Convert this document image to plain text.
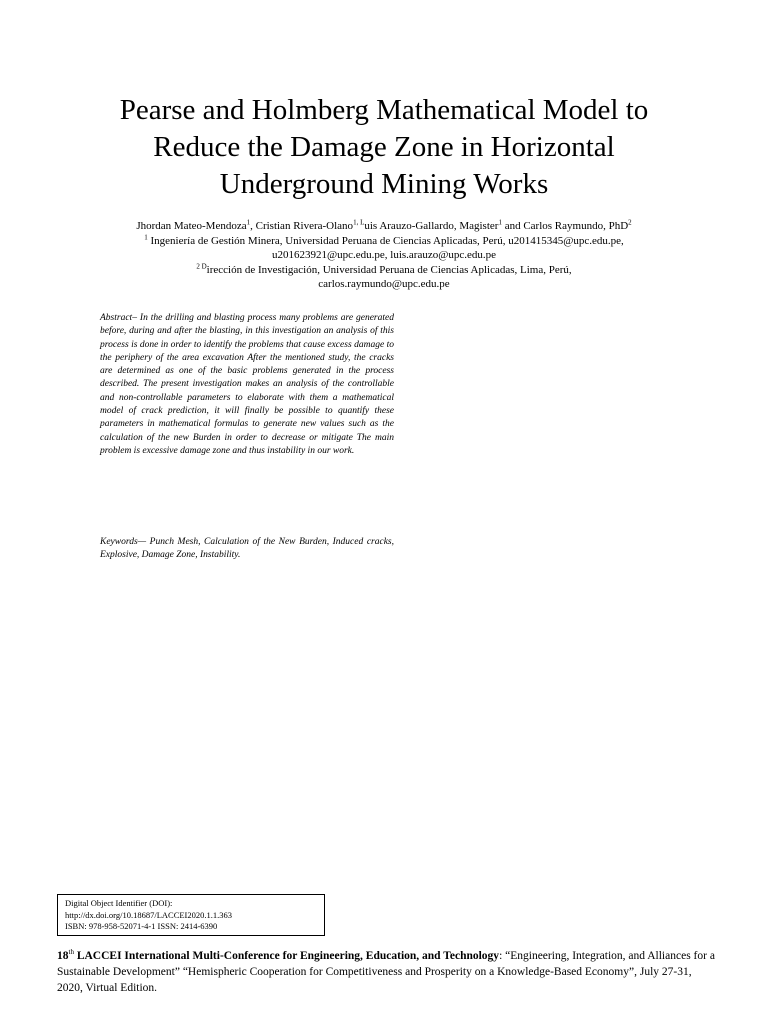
Pearse and Holmberg Mathematical Model to
Reduce the Damage Zone in Horizontal
Underground Mining Works
Jhordan Mateo-Mendoza$^1$, Cristian Rivera-Olano$^{1, L}$uis Arauzo-Gallardo, Magister$^1$ and Carlos Raymundo, PhD$^2$
$^1$ Ingeniería de Gestión Minera, Universidad Peruana de Ciencias Aplicadas, Perú, u201415345@upc.edu.pe,
u201623921@upc.edu.pe, luis.arauzo@upc.edu.pe
$^{2 D}$irección de Investigación, Universidad Peruana de Ciencias Aplicadas, Lima, Perú,
carlos.raymundo@upc.edu.pe

Abstract– In the drilling and blasting process many problems are generated before, during and after the blasting, in this investigation an analysis of this process is done in order to identify the problems that cause excess damage to the periphery of the area excavation After the mentioned study, the cracks are determined as one of the basic problems generated in the process described. The present investigation makes an analysis of the controllable and non-controllable parameters to elaborate with them a mathematical model of crack prediction, it will finally be possible to quantify these parameters in mathematical formulas to generate new values such as the calculation of the new Burden in order to decrease or mitigate The main problem is excessive damage zone and thus instability in our work.

Keywords— Punch Mesh, Calculation of the New Burden, Induced cracks, Explosive, Damage Zone, Instability.

Digital Object Identifier (DOI):
http://dx.doi.org/10.18687/LACCEI2020.1.1.363
ISBN: 978-958-52071-4-1 ISSN: 2414-6390
18th LACCEI International Multi-Conference for Engineering, Education, and Technology: “Engineering, Integration, and Alliances for a Sustainable Development” “Hemispheric Cooperation for Competitiveness and Prosperity on a Knowledge-Based Economy”, July 27-31, 2020, Virtual Edition.
